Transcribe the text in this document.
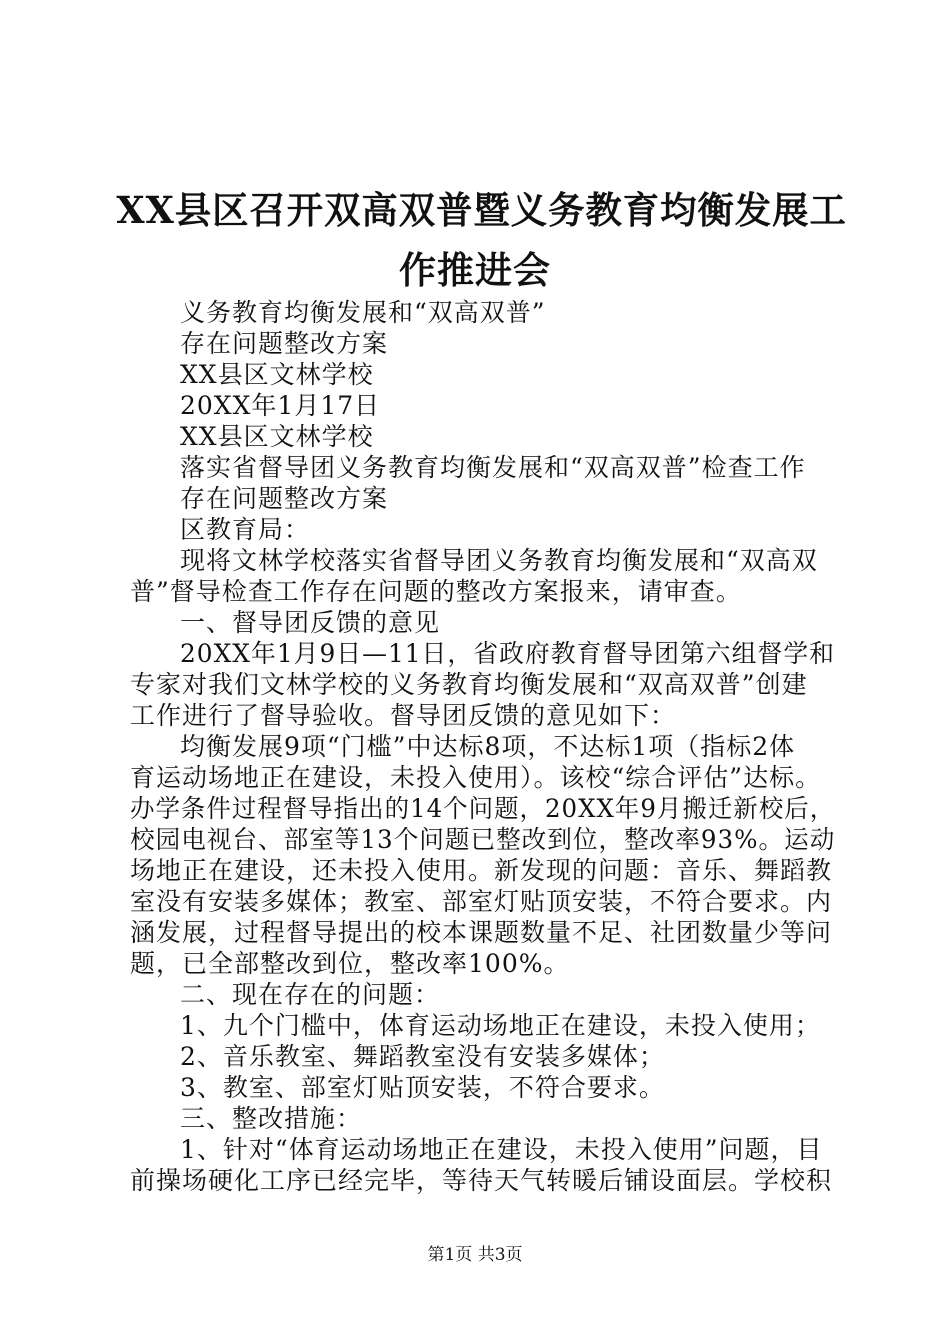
XX县区召开双高双普暨义务教育均衡发展工
作推进会
义务教育均衡发展和“双高双普”
存在问题整改方案
XX县区文林学校
20XX年1月17日
XX县区文林学校
落实省督导团义务教育均衡发展和“双高双普”检查工作
存在问题整改方案
区教育局：
现将文林学校落实省督导团义务教育均衡发展和“双高双
普”督导检查工作存在问题的整改方案报来，请审查。
一、督导团反馈的意见
20XX年1月9日—11日，省政府教育督导团第六组督学和
专家对我们文林学校的义务教育均衡发展和“双高双普”创建
工作进行了督导验收。督导团反馈的意见如下：
均衡发展9项“门槛”中达标8项，不达标1项（指标2体
育运动场地正在建设，未投入使用）。该校“综合评估”达标。
办学条件过程督导指出的14个问题，20XX年9月搬迁新校后，
校园电视台、部室等13个问题已整改到位，整改率93%。运动
场地正在建设，还未投入使用。新发现的问题：音乐、舞蹈教
室没有安装多媒体；教室、部室灯贴顶安装，不符合要求。内
涵发展，过程督导提出的校本课题数量不足、社团数量少等问
题，已全部整改到位，整改率100%。
二、现在存在的问题：
1、九个门槛中，体育运动场地正在建设，未投入使用；
2、音乐教室、舞蹈教室没有安装多媒体；
3、教室、部室灯贴顶安装，不符合要求。
三、整改措施：
1、针对“体育运动场地正在建设，未投入使用”问题，目
前操场硬化工序已经完毕，等待天气转暖后铺设面层。学校积
第1页 共3页
